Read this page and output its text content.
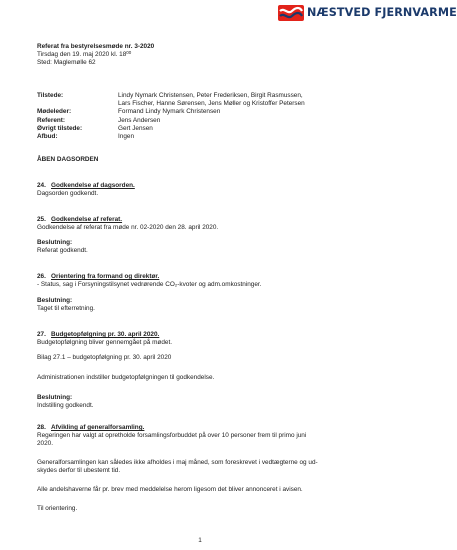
NÆSTVED FJERNVARME
Referat fra bestyrelsesmøde nr. 3-2020
Tirsdag den 19. maj 2020 kl. $18^{00}$
Sted: Maglemølle 62
Tilstede:	Lindy Nymark Christensen, Peter Frederiksen, Birgit Rasmussen,
Lars Fischer, Hanne Sørensen, Jens Møller og Kristoffer Petersen
Mødeleder:	Formand Lindy Nymark Christensen
Referent:	Jens Andersen
Øvrigt tilstede:	Gert Jensen
Afbud:	Ingen
ÅBEN DAGSORDEN
24. Godkendelse af dagsorden.
Dagsorden godkendt.
25. Godkendelse af referat.
Godkendelse af referat fra møde nr. 02-2020 den 28. april 2020.
Beslutning:
Referat godkendt.
26. Orientering fra formand og direktør.
- Status, sag i Forsyningstilsynet vedrørende CO₂-kvoter og adm.omkostninger.
Beslutning:
Taget til efterretning.
27. Budgetopfølgning pr. 30. april 2020.
Budgetopfølgning bliver gennemgået på mødet.
Bilag 27.1 – budgetopfølgning pr. 30. april 2020
Administrationen indstiller budgetopfølgningen til godkendelse.
Beslutning:
Indstilling godkendt.
28. Afvikling af generalforsamling.
Regeringen har valgt at opretholde forsamlingsforbuddet på over 10 personer frem til primo juni
2020.
Generalforsamlingen kan således ikke afholdes i maj måned, som foreskrevet i vedtægterne og ud-
skydes derfor til ubestemt tid.
Alle andelshaverne får pr. brev med meddelelse herom ligesom det bliver annonceret i avisen.
Til orientering.
1
